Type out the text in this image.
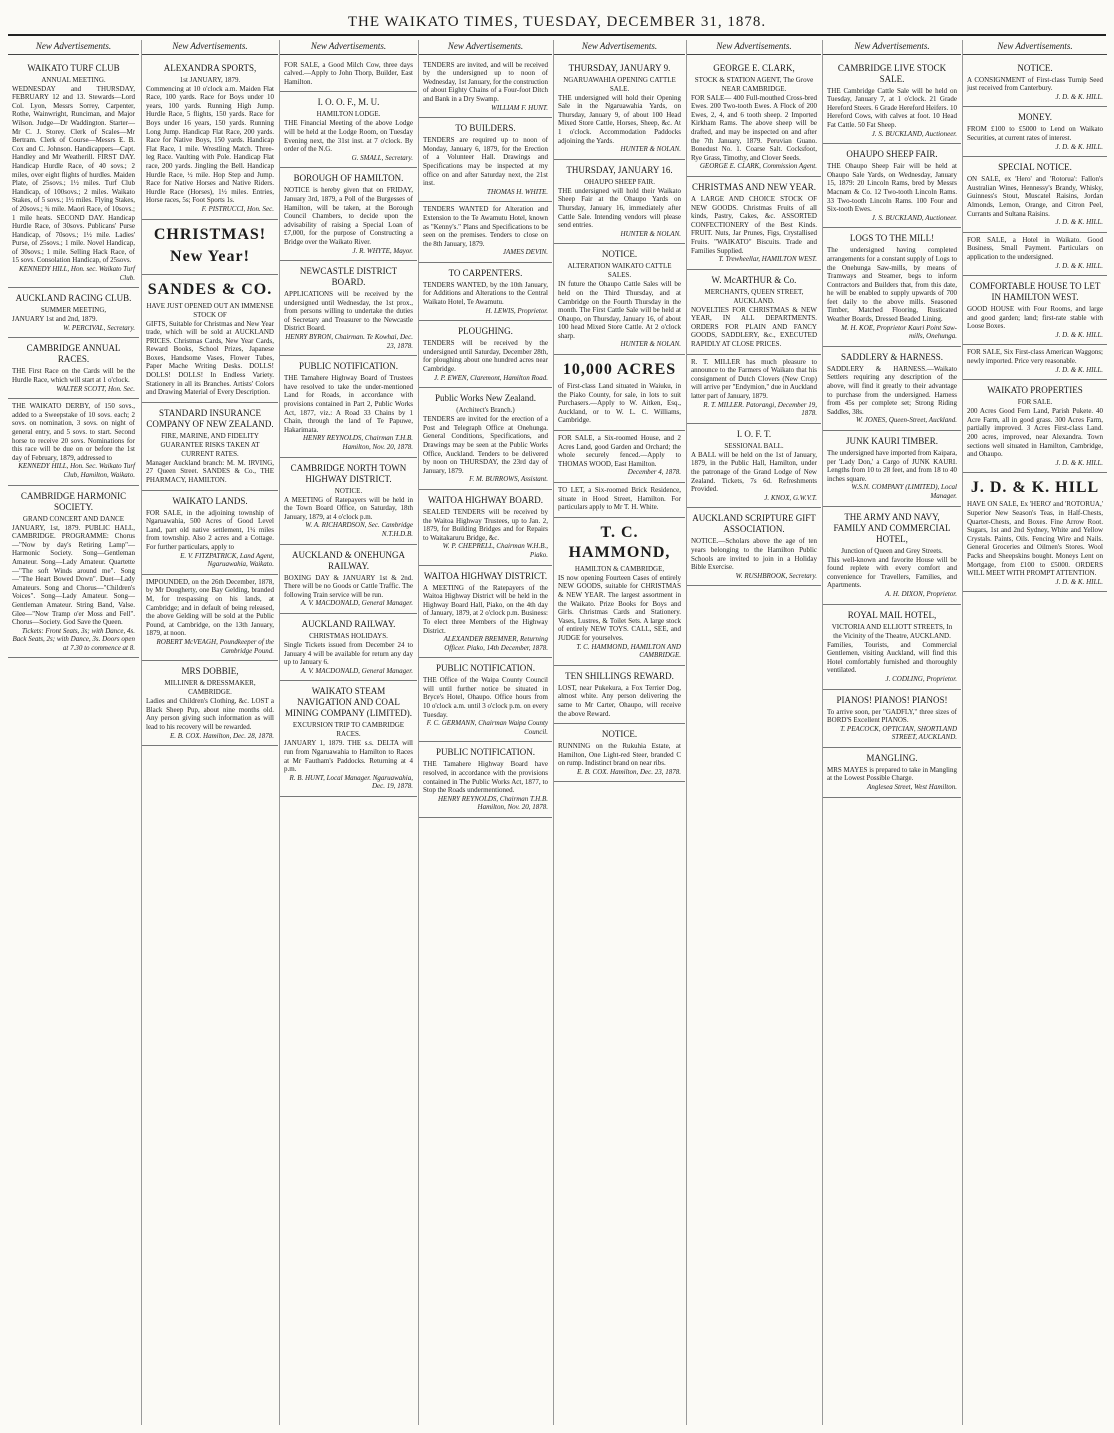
THE WAIKATO TIMES, TUESDAY, DECEMBER 31, 1878.
New Advertisements.
WAIKATO TURF CLUB
ANNUAL MEETING.
WEDNESDAY and THURSDAY, FEBRUARY 12 and 13. Stewards—Lord Col. Lyon, Messrs Sorrey, Carpenter, Rothe, Wainwright, Runciman, and Major Wilson. Judge—Dr Waddington. Starter—Mr C. J. Storey. Clerk of Scales—Mr Bertram. Clerk of Course—Messrs E. B. Cox and C. Johnson. Handicappers—Capt. Handley and Mr Weatherill. FIRST DAY. Handicap Hurdle Race, of 40 sovs.; 2 miles, over eight flights of hurdles. Maiden Plate, of 25sovs.; 1½ miles. Turf Club Handicap, of 100sovs.; 2 miles. Waikato Stakes, of 5 sovs.; 1½ miles. Flying Stakes, of 20sovs.; ¾ mile. Maori Race, of 10sovs.; 1 mile heats. SECOND DAY. Handicap Hurdle Race, of 30sovs. Publicans' Purse Handicap, of 70sovs.; 1½ mile. Ladies' Purse, of 25sovs.; 1 mile. Novel Handicap, of 30sovs.; 1 mile. Selling Hack Race, of 15 sovs. Consolation Handicap, of 25sovs.
KENNEDY HILL, Hon. sec. Waikato Turf Club.
AUCKLAND RACING CLUB.
SUMMER MEETING,
JANUARY 1st and 2nd, 1879.
W. PERCIVAL, Secretary.
CAMBRIDGE ANNUAL RACES.
THE First Race on the Cards will be the Hurdle Race, which will start at 1 o'clock.
WALTER SCOTT, Hon. Sec.
THE WAIKATO DERBY, of 150 sovs., added to a Sweepstake of 10 sovs. each; 2 sovs. on nomination, 3 sovs. on night of general entry, and 5 sovs. to start. Second horse to receive 20 sovs. Nominations for this race will be due on or before the 1st day of February, 1879, addressed to
KENNEDY HILL, Hon. Sec. Waikato Turf Club, Hamilton, Waikato.
CAMBRIDGE HARMONIC SOCIETY.
GRAND CONCERT AND DANCE
JANUARY, 1st, 1879. PUBLIC HALL, CAMBRIDGE. PROGRAMME: Chorus—"Now by day's Retiring Lamp"—Harmonic Society. Song—Gentleman Amateur. Song—Lady Amateur. Quartette—"The soft Winds around me". Song—"The Heart Bowed Down". Duet—Lady Amateurs. Song and Chorus—"Children's Voices". Song—Lady Amateur. Song—Gentleman Amateur. String Band, Valse. Glee—"Now Tramp o'er Moss and Fell". Chorus—Society. God Save the Queen.
Tickets: Front Seats, 3s; with Dance, 4s. Back Seats, 2s; with Dance, 3s. Doors open at 7.30 to commence at 8.
New Advertisements.
ALEXANDRA SPORTS,
1st JANUARY, 1879.
Commencing at 10 o'clock a.m. Maiden Flat Race, 100 yards. Race for Boys under 10 years, 100 yards. Running High Jump. Hurdle Race, 5 flights, 150 yards. Race for Boys under 16 years, 150 yards. Running Long Jump. Handicap Flat Race, 200 yards. Race for Native Boys, 150 yards. Handicap Flat Race, 1 mile. Wrestling Match. Three-leg Race. Vaulting with Pole. Handicap Flat race, 200 yards. Jingling the Bell. Handicap Hurdle Race, ½ mile. Hop Step and Jump. Race for Native Horses and Native Riders. Hurdle Race (Horses), 1½ miles. Entries, Horse races, 5s; Foot Sports 1s.
F. PISTRUCCI, Hon. Sec.
CHRISTMAS!
New Year!
SANDES & CO.
HAVE JUST OPENED OUT AN IMMENSE STOCK OF
GIFTS, Suitable for Christmas and New Year trade, which will be sold at AUCKLAND PRICES. Christmas Cards, New Year Cards, Reward Books, School Prizes, Japanese Boxes, Handsome Vases, Flower Tubes, Paper Mache Writing Desks. DOLLS! DOLLS! DOLLS! In Endless Variety. Stationery in all its Branches. Artists' Colors and Drawing Material of Every Description.
STANDARD INSURANCE COMPANY OF NEW ZEALAND.
FIRE, MARINE, AND FIDELITY GUARANTEE RISKS TAKEN AT CURRENT RATES.
Manager Auckland branch: M. M. IRVING, 27 Queen Street. SANDES & Co., THE PHARMACY, HAMILTON.
WAIKATO LANDS.
FOR SALE, in the adjoining township of Ngaruawahia, 500 Acres of Good Level Land, part old native settlement, 1¼ miles from township. Also 2 acres and a Cottage. For further particulars, apply to
E. V. FITZPATRICK, Land Agent, Ngaruawahia, Waikato.
IMPOUNDED, on the 26th December, 1878, by Mr Dougherty, one Bay Gelding, branded M, for trespassing on his lands, at Cambridge; and in default of being released, the above Gelding will be sold at the Public Pound, at Cambridge, on the 13th January, 1879, at noon.
ROBERT McVEAGH, Poundkeeper of the Cambridge Pound.
MRS DOBBIE,
MILLINER & DRESSMAKER, CAMBRIDGE.
Ladies and Children's Clothing, &c. LOST a Black Sheep Pup, about nine months old. Any person giving such information as will lead to his recovery will be rewarded.
E. B. COX. Hamilton, Dec. 28, 1878.
New Advertisements.
FOR SALE, a Good Milch Cow, three days calved.—Apply to John Thorp, Builder, East Hamilton.
I. O. O. F., M. U.
HAMILTON LODGE.
THE Financial Meeting of the above Lodge will be held at the Lodge Room, on Tuesday Evening next, the 31st inst. at 7 o'clock. By order of the N.G.
G. SMALL, Secretary.
BOROUGH OF HAMILTON.
NOTICE is hereby given that on FRIDAY, January 3rd, 1879, a Poll of the Burgesses of Hamilton, will be taken, at the Borough Council Chambers, to decide upon the advisability of raising a Special Loan of £7,000, for the purpose of Constructing a Bridge over the Waikato River.
J. R. WHYTE, Mayor.
NEWCASTLE DISTRICT BOARD.
APPLICATIONS will be received by the undersigned until Wednesday, the 1st prox., from persons willing to undertake the duties of Secretary and Treasurer to the Newcastle District Board.
HENRY BYRON, Chairman. Te Kowhai, Dec. 23, 1878.
PUBLIC NOTIFICATION.
THE Tamahere Highway Board of Trustees have resolved to take the under-mentioned Land for Roads, in accordance with provisions contained in Part 2, Public Works Act, 1877, viz.: A Road 33 Chains by 1 Chain, through the land of Te Papuwe, Hakarimata.
HENRY REYNOLDS, Chairman T.H.B. Hamilton, Nov. 20, 1878.
CAMBRIDGE NORTH TOWN HIGHWAY DISTRICT.
NOTICE.
A MEETING of Ratepayers will be held in the Town Board Office, on Saturday, 18th January, 1879, at 4 o'clock p.m.
W. A. RICHARDSON, Sec. Cambridge N.T.H.D.B.
AUCKLAND & ONEHUNGA RAILWAY.
BOXING DAY & JANUARY 1st & 2nd. There will be no Goods or Cattle Traffic. The following Train service will be run.
A. V. MACDONALD, General Manager.
AUCKLAND RAILWAY.
CHRISTMAS HOLIDAYS.
Single Tickets issued from December 24 to January 4 will be available for return any day up to January 6.
A. V. MACDONALD, General Manager.
WAIKATO STEAM NAVIGATION AND COAL MINING COMPANY (LIMITED).
EXCURSION TRIP TO CAMBRIDGE RACES.
JANUARY 1, 1879. THE s.s. DELTA will run from Ngaruawahia to Hamilton to Races at Mr Fautham's Paddocks. Returning at 4 p.m.
R. B. HUNT, Local Manager. Ngaruawahia, Dec. 19, 1878.
New Advertisements.
TENDERS are invited, and will be received by the undersigned up to noon of Wednesday, 1st January, for the construction of about Eighty Chains of a Four-foot Ditch and Bank in a Dry Swamp.
WILLIAM F. HUNT.
TO BUILDERS.
TENDERS are required up to noon of Monday, January 6, 1879, for the Erection of a Volunteer Hall. Drawings and Specifications may be inspected at my office on and after Saturday next, the 21st inst.
THOMAS H. WHITE.
TENDERS WANTED for Alteration and Extension to the Te Awamutu Hotel, known as "Kenny's." Plans and Specifications to be seen on the premises. Tenders to close on the 8th January, 1879.
JAMES DEVIN.
TO CARPENTERS.
TENDERS WANTED, by the 10th January, for Additions and Alterations to the Central Waikato Hotel, Te Awamutu.
H. LEWIS, Proprietor.
PLOUGHING.
TENDERS will be received by the undersigned until Saturday, December 28th, for ploughing about one hundred acres near Cambridge.
J. P. EWEN, Claremont, Hamilton Road.
Public Works New Zealand.
(Architect's Branch.)
TENDERS are invited for the erection of a Post and Telegraph Office at Onehunga. General Conditions, Specifications, and Drawings may be seen at the Public Works Office, Auckland. Tenders to be delivered by noon on THURSDAY, the 23rd day of January, 1879.
F. M. BURROWS, Assistant.
WAITOA HIGHWAY BOARD.
SEALED TENDERS will be received by the Waitoa Highway Trustees, up to Jan. 2, 1879, for Building Bridges and for Repairs to Waitakaruru Bridge, &c.
W. P. CHEPRELL, Chairman W.H.B., Piako.
WAITOA HIGHWAY DISTRICT.
A MEETING of the Ratepayers of the Waitoa Highway District will be held in the Highway Board Hall, Piako, on the 4th day of January, 1879, at 2 o'clock p.m. Business: To elect three Members of the Highway District.
ALEXANDER BREMNER, Returning Officer. Piako, 14th December, 1878.
PUBLIC NOTIFICATION.
THE Office of the Waipa County Council will until further notice be situated in Bryce's Hotel, Ohaupo. Office hours from 10 o'clock a.m. until 3 o'clock p.m. on every Tuesday.
F. C. GERMANN, Chairman Waipa County Council.
PUBLIC NOTIFICATION.
THE Tamahere Highway Board have resolved, in accordance with the provisions contained in The Public Works Act, 1877, to Stop the Roads undermentioned.
HENRY REYNOLDS, Chairman T.H.B. Hamilton, Nov. 20, 1878.
New Advertisements.
THURSDAY, JANUARY 9.
NGARUAWAHIA OPENING CATTLE SALE.
THE undersigned will hold their Opening Sale in the Ngaruawahia Yards, on Thursday, January 9, of about 100 Head Mixed Store Cattle, Horses, Sheep, &c. At 1 o'clock. Accommodation Paddocks adjoining the Yards.
HUNTER & NOLAN.
THURSDAY, JANUARY 16.
OHAUPO SHEEP FAIR.
THE undersigned will hold their Waikato Sheep Fair at the Ohaupo Yards on Thursday, January 16, immediately after Cattle Sale. Intending vendors will please send entries.
HUNTER & NOLAN.
NOTICE.
ALTERATION WAIKATO CATTLE SALES.
IN future the Ohaupo Cattle Sales will be held on the Third Thursday, and at Cambridge on the Fourth Thursday in the month. The First Cattle Sale will be held at Ohaupo, on Thursday, January 16, of about 100 head Mixed Store Cattle. At 2 o'clock sharp.
HUNTER & NOLAN.
10,000 ACRES
of First-class Land situated in Waiuku, in the Piako County, for sale, in lots to suit Purchasers.—Apply to W. Aitken, Esq., Auckland, or to W. L. C. Williams, Cambridge.
FOR SALE, a Six-roomed House, and 2 Acres Land, good Garden and Orchard; the whole securely fenced.—Apply to THOMAS WOOD, East Hamilton.
December 4, 1878.
TO LET, a Six-roomed Brick Residence, situate in Hood Street, Hamilton. For particulars apply to Mr T. H. White.
T. C. HAMMOND,
HAMILTON & CAMBRIDGE,
IS now opening Fourteen Cases of entirely NEW GOODS, suitable for CHRISTMAS & NEW YEAR. The largest assortment in the Waikato. Prize Books for Boys and Girls. Christmas Cards and Stationery. Vases, Lustres, & Toilet Sets. A large stock of entirely NEW TOYS. CALL, SEE, and JUDGE for yourselves.
T. C. HAMMOND, HAMILTON AND CAMBRIDGE.
TEN SHILLINGS REWARD.
LOST, near Pukekura, a Fox Terrier Dog, almost white. Any person delivering the same to Mr Carter, Ohaupo, will receive the above Reward.
NOTICE.
RUNNING on the Rukuhia Estate, at Hamilton, One Light-red Steer, branded C on rump. Indistinct brand on near ribs.
E. B. COX. Hamilton, Dec. 23, 1878.
New Advertisements.
GEORGE E. CLARK,
STOCK & STATION AGENT, The Grove NEAR CAMBRIDGE.
FOR SALE— 400 Full-mouthed Cross-bred Ewes. 200 Two-tooth Ewes. A Flock of 200 Ewes, 2, 4, and 6 tooth sheep. 2 Imported Kirkham Rams. The above sheep will be drafted, and may be inspected on and after the 7th January, 1879. Peruvian Guano. Bonedust No. 1. Coarse Salt. Cocksfoot, Rye Grass, Timothy, and Clover Seeds.
GEORGE E. CLARK, Commission Agent.
CHRISTMAS AND NEW YEAR.
A LARGE AND CHOICE STOCK OF NEW GOODS. Christmas Fruits of all kinds, Pastry, Cakes, &c. ASSORTED CONFECTIONERY of the Best Kinds. FRUIT. Nuts, Jar Prunes, Figs, Crystallised Fruits. "WAIKATO" Biscuits. Trade and Families Supplied.
T. Trewheellar, HAMILTON WEST.
W. McARTHUR & Co.
MERCHANTS, QUEEN STREET, AUCKLAND.
NOVELTIES FOR CHRISTMAS & NEW YEAR, IN ALL DEPARTMENTS. ORDERS FOR PLAIN AND FANCY GOODS, SADDLERY, &c., EXECUTED RAPIDLY AT CLOSE PRICES.
R. T. MILLER has much pleasure to announce to the Farmers of Waikato that his consignment of Dutch Clovers (New Crop) will arrive per "Endymion," due in Auckland latter part of January, 1879.
R. T. MILLER. Patorangi, December 19, 1878.
I. O. F. T.
SESSIONAL BALL.
A BALL will be held on the 1st of January, 1879, in the Public Hall, Hamilton, under the patronage of the Grand Lodge of New Zealand. Tickets, 7s 6d. Refreshments Provided.
J. KNOX, G.W.V.T.
AUCKLAND SCRIPTURE GIFT ASSOCIATION.
NOTICE.—Scholars above the age of ten years belonging to the Hamilton Public Schools are invited to join in a Holiday Bible Exercise.
W. RUSHBROOK, Secretary.
New Advertisements.
CAMBRIDGE LIVE STOCK SALE.
THE Cambridge Cattle Sale will be held on Tuesday, January 7, at 1 o'clock. 21 Grade Hereford Steers. 6 Grade Hereford Heifers. 10 Hereford Cows, with calves at foot. 10 Head Fat Cattle. 50 Fat Sheep.
J. S. BUCKLAND, Auctioneer.
OHAUPO SHEEP FAIR.
THE Ohaupo Sheep Fair will be held at Ohaupo Sale Yards, on Wednesday, January 15, 1879: 20 Lincoln Rams, bred by Messrs Macnam & Co. 12 Two-tooth Lincoln Rams. 33 Two-tooth Lincoln Rams. 100 Four and Six-tooth Ewes.
J. S. BUCKLAND, Auctioneer.
LOGS TO THE MILL!
The undersigned having completed arrangements for a constant supply of Logs to the Onehunga Saw-mills, by means of Tramways and Steamer, begs to inform Contractors and Builders that, from this date, he will be enabled to supply upwards of 700 feet daily to the above mills. Seasoned Timber, Matched Flooring, Rusticated Weather Boards, Dressed Beaded Lining.
M. H. KOE, Proprietor Kauri Point Saw-mills, Onehunga.
SADDLERY & HARNESS.
SADDLERY & HARNESS.—Waikato Settlers requiring any description of the above, will find it greatly to their advantage to purchase from the undersigned. Harness from 45s per complete set; Strong Riding Saddles, 38s.
W. JONES, Queen-Street, Auckland.
JUNK KAURI TIMBER.
The undersigned have imported from Kaipara, per 'Lady Don,' a Cargo of JUNK KAURI. Lengths from 10 to 28 feet, and from 18 to 40 inches square.
W.S.N. COMPANY (LIMITED), Local Manager.
THE ARMY AND NAVY, FAMILY AND COMMERCIAL HOTEL,
Junction of Queen and Grey Streets.
This well-known and favorite House will be found replete with every comfort and convenience for Travellers, Families, and Apartments.
A. H. DIXON, Proprietor.
ROYAL MAIL HOTEL,
VICTORIA AND ELLIOTT STREETS, In the Vicinity of the Theatre, AUCKLAND.
Families, Tourists, and Commercial Gentlemen, visiting Auckland, will find this Hotel comfortably furnished and thoroughly ventilated.
J. CODLING, Proprietor.
PIANOS! PIANOS! PIANOS!
To arrive soon, per "GADFLY," three sizes of BORD'S Excellent PIANOS.
T. PEACOCK, OPTICIAN, SHORTLAND STREET, AUCKLAND.
MANGLING.
MRS MAYES is prepared to take in Mangling at the Lowest Possible Charge.
Anglesea Street, West Hamilton.
New Advertisements.
NOTICE.
A CONSIGNMENT of First-class Turnip Seed just received from Canterbury.
J. D. & K. HILL.
MONEY.
FROM £100 to £5000 to Lend on Waikato Securities, at current rates of interest.
J. D. & K. HILL.
SPECIAL NOTICE.
ON SALE, ex 'Hero' and 'Rotorua': Fallon's Australian Wines, Hennessy's Brandy, Whisky, Guinness's Stout, Muscatel Raisins, Jordan Almonds, Lemon, Orange, and Citron Peel, Currants and Sultana Raisins.
J. D. & K. HILL.
FOR SALE, a Hotel in Waikato. Good Business, Small Payment. Particulars on application to the undersigned.
J. D. & K. HILL.
COMFORTABLE HOUSE TO LET IN HAMILTON WEST.
GOOD HOUSE with Four Rooms, and large and good garden; land; first-rate stable with Loose Boxes.
J. D. & K. HILL.
FOR SALE, Six First-class American Waggons; newly imported. Price very reasonable.
J. D. & K. HILL.
WAIKATO PROPERTIES
FOR SALE.
200 Acres Good Fern Land, Parish Pukete. 40 Acre Farm, all in good grass. 300 Acres Farm, partially improved. 3 Acres First-class Land. 200 acres, improved, near Alexandra. Town sections well situated in Hamilton, Cambridge, and Ohaupo.
J. D. & K. HILL.
J. D. & K. HILL
HAVE ON SALE, Ex 'HERO' and 'ROTORUA,' Superior New Season's Teas, in Half-Chests, Quarter-Chests, and Boxes. Fine Arrow Root. Sugars, 1st and 2nd Sydney, White and Yellow Crystals. Paints, Oils. Fencing Wire and Nails. General Groceries and Oilmen's Stores. Wool Packs and Sheepskins bought. Moneys Lent on Mortgage, from £100 to £5000. ORDERS WILL MEET WITH PROMPT ATTENTION.
J. D. & K. HILL.
